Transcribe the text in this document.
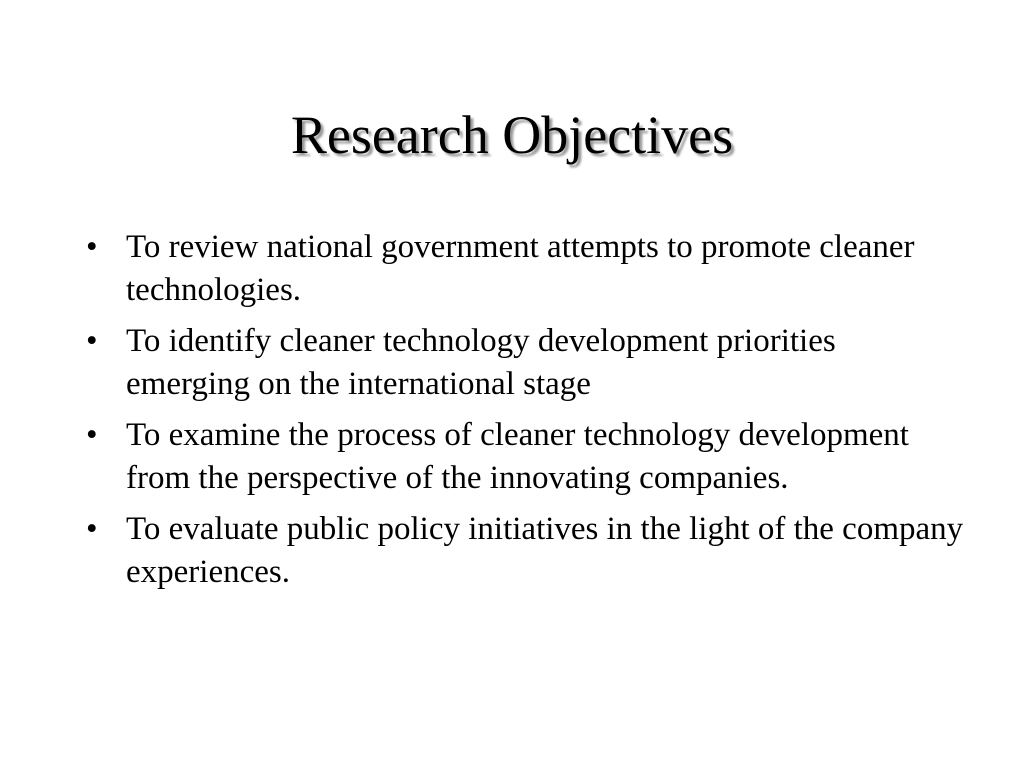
Research Objectives
• To review national government attempts to promote cleaner technologies.
• To identify cleaner technology development priorities emerging on the international stage
• To examine the process of cleaner technology development from the perspective of the innovating companies.
• To evaluate public policy initiatives in the light of the company experiences.
